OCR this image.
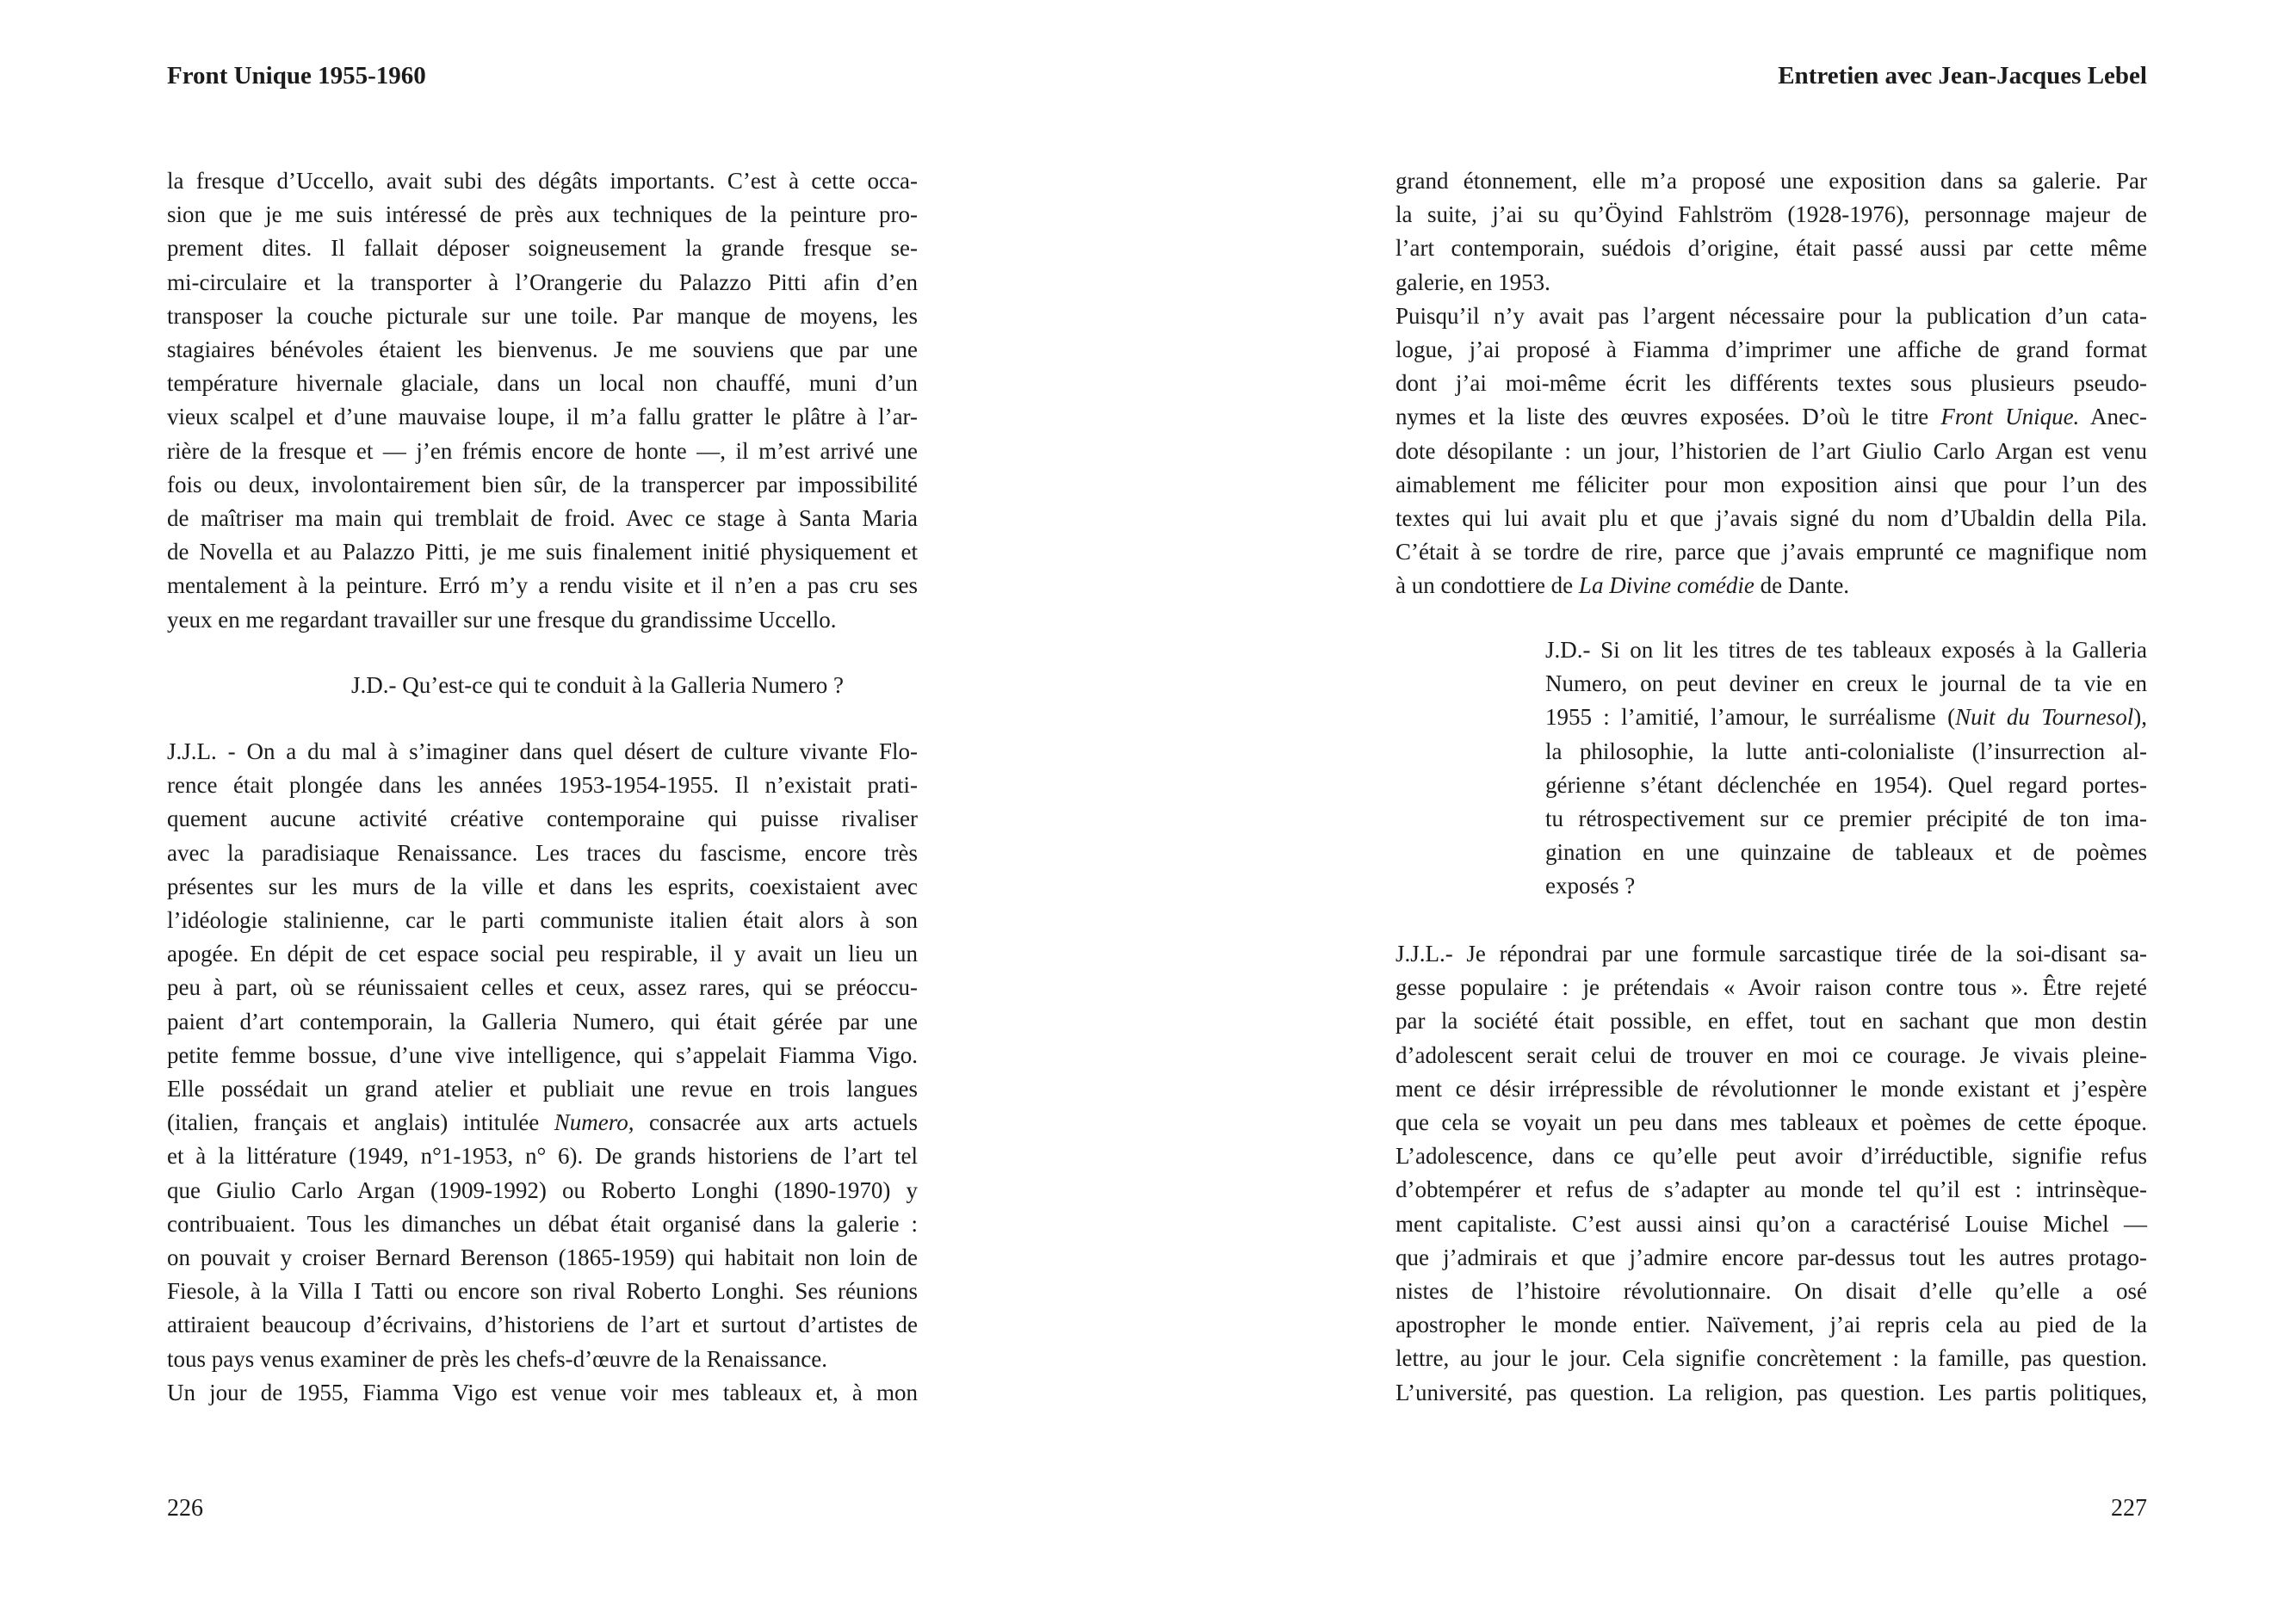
Front Unique 1955-1960
la fresque d’Uccello, avait subi des dégâts importants. C’est à cette occa-
sion que je me suis intéressé de près aux techniques de la peinture pro-
prement dites. Il fallait déposer soigneusement la grande fresque se-
mi-circulaire et la transporter à l’Orangerie du Palazzo Pitti afin d’en
transposer la couche picturale sur une toile. Par manque de moyens, les
stagiaires bénévoles étaient les bienvenus. Je me souviens que par une
température hivernale glaciale, dans un local non chauffé, muni d’un
vieux scalpel et d’une mauvaise loupe, il m’a fallu gratter le plâtre à l’ar-
rière de la fresque et — j’en frémis encore de honte —, il m’est arrivé une
fois ou deux, involontairement bien sûr, de la transpercer par impossibilité
de maîtriser ma main qui tremblait de froid. Avec ce stage à Santa Maria
de Novella et au Palazzo Pitti, je me suis finalement initié physiquement et
mentalement à la peinture. Erró m’y a rendu visite et il n’en a pas cru ses
yeux en me regardant travailler sur une fresque du grandissime Uccello.
J.D.- Qu’est-ce qui te conduit à la Galleria Numero ?
J.J.L. - On a du mal à s’imaginer dans quel désert de culture vivante Flo-
rence était plongée dans les années 1953-1954-1955. Il n’existait prati-
quement aucune activité créative contemporaine qui puisse rivaliser
avec la paradisiaque Renaissance. Les traces du fascisme, encore très
présentes sur les murs de la ville et dans les esprits, coexistaient avec
l’idéologie stalinienne, car le parti communiste italien était alors à son
apogée. En dépit de cet espace social peu respirable, il y avait un lieu un
peu à part, où se réunissaient celles et ceux, assez rares, qui se préoccu-
paient d’art contemporain, la Galleria Numero, qui était gérée par une
petite femme bossue, d’une vive intelligence, qui s’appelait Fiamma Vigo.
Elle possédait un grand atelier et publiait une revue en trois langues
(italien, français et anglais) intitulée Numero, consacrée aux arts actuels
et à la littérature (1949, n°1-1953, n° 6). De grands historiens de l’art tel
que Giulio Carlo Argan (1909-1992) ou Roberto Longhi (1890-1970) y
contribuaient. Tous les dimanches un débat était organisé dans la galerie :
on pouvait y croiser Bernard Berenson (1865-1959) qui habitait non loin de
Fiesole, à la Villa I Tatti ou encore son rival Roberto Longhi. Ses réunions
attiraient beaucoup d’écrivains, d’historiens de l’art et surtout d’artistes de
tous pays venus examiner de près les chefs-d’œuvre de la Renaissance.
Un jour de 1955, Fiamma Vigo est venue voir mes tableaux et, à mon
226
Entretien avec Jean-Jacques Lebel
grand étonnement, elle m’a proposé une exposition dans sa galerie. Par
la suite, j’ai su qu’Öyind Fahlström (1928-1976), personnage majeur de
l’art contemporain, suédois d’origine, était passé aussi par cette même
galerie, en 1953.
Puisqu’il n’y avait pas l’argent nécessaire pour la publication d’un cata-
logue, j’ai proposé à Fiamma d’imprimer une affiche de grand format
dont j’ai moi-même écrit les différents textes sous plusieurs pseudo-
nymes et la liste des œuvres exposées. D’où le titre Front Unique. Anec-
dote désopilante : un jour, l’historien de l’art Giulio Carlo Argan est venu
aimablement me féliciter pour mon exposition ainsi que pour l’un des
textes qui lui avait plu et que j’avais signé du nom d’Ubaldin della Pila.
C’était à se tordre de rire, parce que j’avais emprunté ce magnifique nom
à un condottiere de La Divine comédie de Dante.
J.D.- Si on lit les titres de tes tableaux exposés à la Galleria
Numero, on peut deviner en creux le journal de ta vie en
1955 : l’amitié, l’amour, le surréalisme (Nuit du Tournesol),
la philosophie, la lutte anti-colonialiste (l’insurrection al-
gérienne s’étant déclenchée en 1954). Quel regard portes-
tu rétrospectivement sur ce premier précipité de ton ima-
gination en une quinzaine de tableaux et de poèmes
exposés ?
J.J.L.- Je répondrai par une formule sarcastique tirée de la soi-disant sa-
gesse populaire : je prétendais « Avoir raison contre tous ». Être rejeté
par la société était possible, en effet, tout en sachant que mon destin
d’adolescent serait celui de trouver en moi ce courage. Je vivais pleine-
ment ce désir irrépressible de révolutionner le monde existant et j’espère
que cela se voyait un peu dans mes tableaux et poèmes de cette époque.
L’adolescence, dans ce qu’elle peut avoir d’irréductible, signifie refus
d’obtempérer et refus de s’adapter au monde tel qu’il est : intrinsèque-
ment capitaliste. C’est aussi ainsi qu’on a caractérisé Louise Michel —
que j’admirais et que j’admire encore par-dessus tout les autres protago-
nistes de l’histoire révolutionnaire. On disait d’elle qu’elle a osé
apostropher le monde entier. Naïvement, j’ai repris cela au pied de la
lettre, au jour le jour. Cela signifie concrètement : la famille, pas question.
L’université, pas question. La religion, pas question. Les partis politiques,
227
